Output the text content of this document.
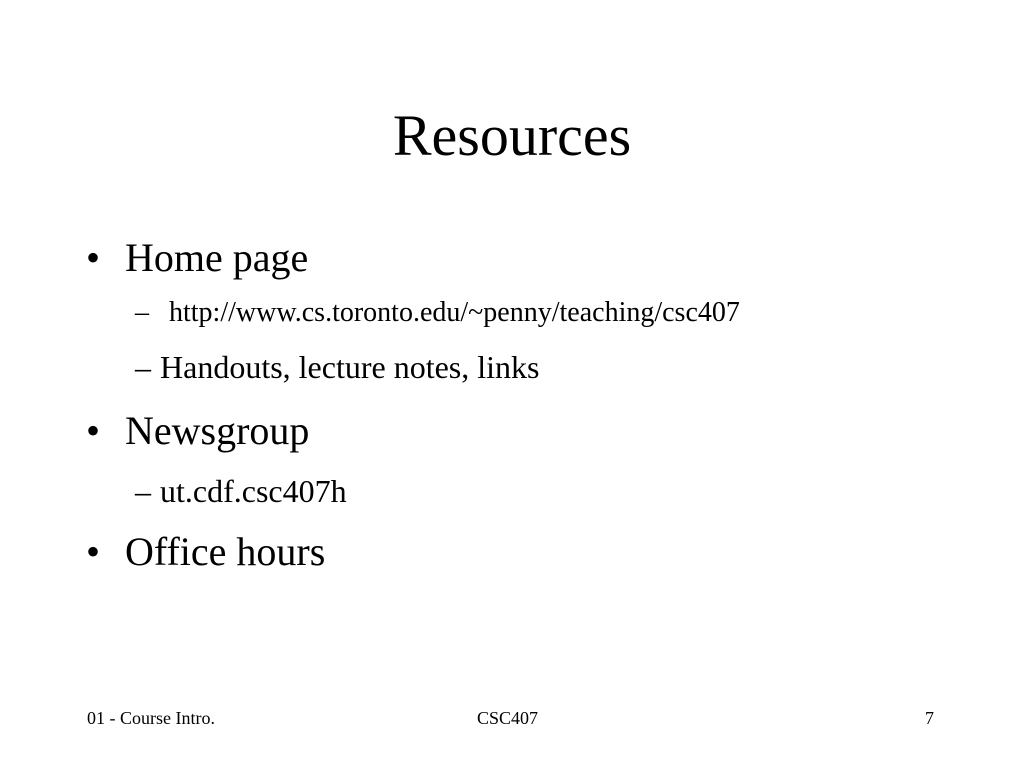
Resources
• Home page
– http://www.cs.toronto.edu/~penny/teaching/csc407
– Handouts, lecture notes, links
• Newsgroup
– ut.cdf.csc407h
• Office hours
01 - Course Intro.	CSC407	7
